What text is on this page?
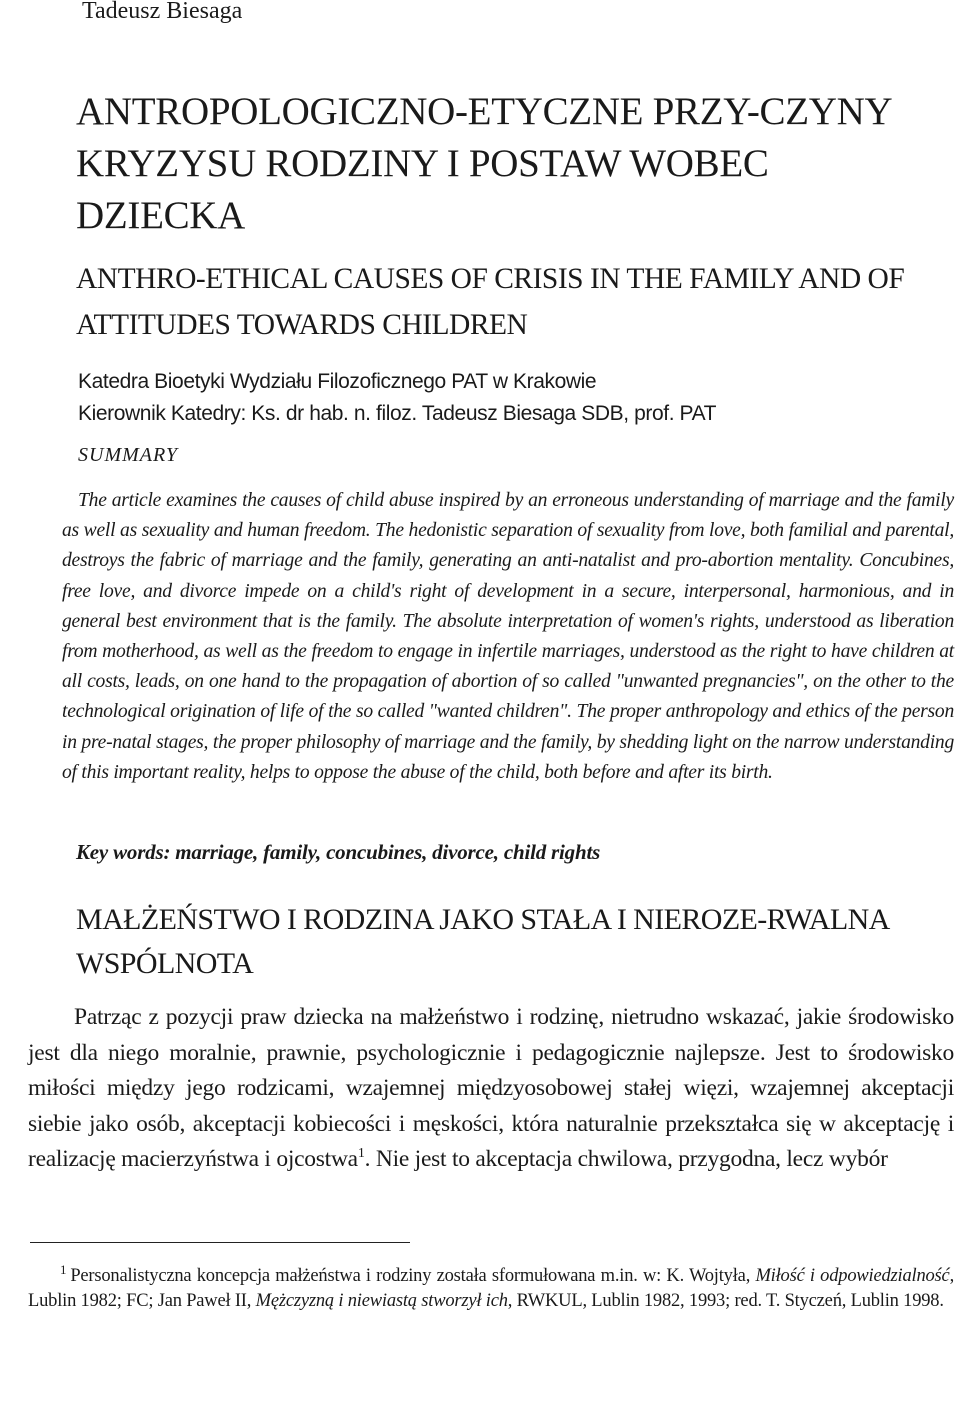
Tadeusz Biesaga
ANTROPOLOGICZNO-ETYCZNE PRZY-CZYNY KRYZYSU RODZINY I POSTAW WOBEC DZIECKA
ANTHRO-ETHICAL CAUSES OF CRISIS IN THE FAMILY AND OF ATTITUDES TOWARDS CHILDREN
Katedra Bioetyki Wydziału Filozoficznego PAT w Krakowie
Kierownik Katedry: Ks. dr hab. n. filoz. Tadeusz Biesaga SDB, prof. PAT
SUMMARY
The article examines the causes of child abuse inspired by an erroneous understanding of marriage and the family as well as sexuality and human freedom. The hedonistic separation of sexuality from love, both familial and parental, destroys the fabric of marriage and the family, generating an anti-natalist and pro-abortion mentality. Concubines, free love, and divorce impede on a child's right of development in a secure, interpersonal, harmonious, and in general best environment that is the family. The absolute interpretation of women's rights, understood as liberation from motherhood, as well as the freedom to engage in infertile marriages, understood as the right to have children at all costs, leads, on one hand to the propagation of abortion of so called "unwanted pregnancies", on the other to the technological origination of life of the so called "wanted children". The proper anthropology and ethics of the person in pre-natal stages, the proper philosophy of marriage and the family, by shedding light on the narrow understanding of this important reality, helps to oppose the abuse of the child, both before and after its birth.
Key words: marriage, family, concubines, divorce, child rights
MAŁŻEŃSTWO I RODZINA JAKO STAŁA I NIEROZE-RWALNA WSPÓLNOTA
Patrząc z pozycji praw dziecka na małżeństwo i rodzinę, nietrudno wskazać, jakie środowisko jest dla niego moralnie, prawnie, psychologicznie i pedagogicznie najlepsze. Jest to środowisko miłości między jego rodzicami, wzajemnej międzyosobowej stałej więzi, wzajemnej akceptacji siebie jako osób, akceptacji kobiecości i męskości, która naturalnie przekształca się w akceptację i realizację macierzyństwa i ojcostwa$^1$. Nie jest to akceptacja chwilowa, przygodna, lecz wybór
$^1$ Personalistyczna koncepcja małżeństwa i rodziny została sformułowana m.in. w: K. Wojtyła, Miłość i odpowiedzialność, Lublin 1982; FC; Jan Paweł II, Mężczyzną i niewiastą stworzył ich, RWKUL, Lublin 1982, 1993; red. T. Styczeń, Lublin 1998.
